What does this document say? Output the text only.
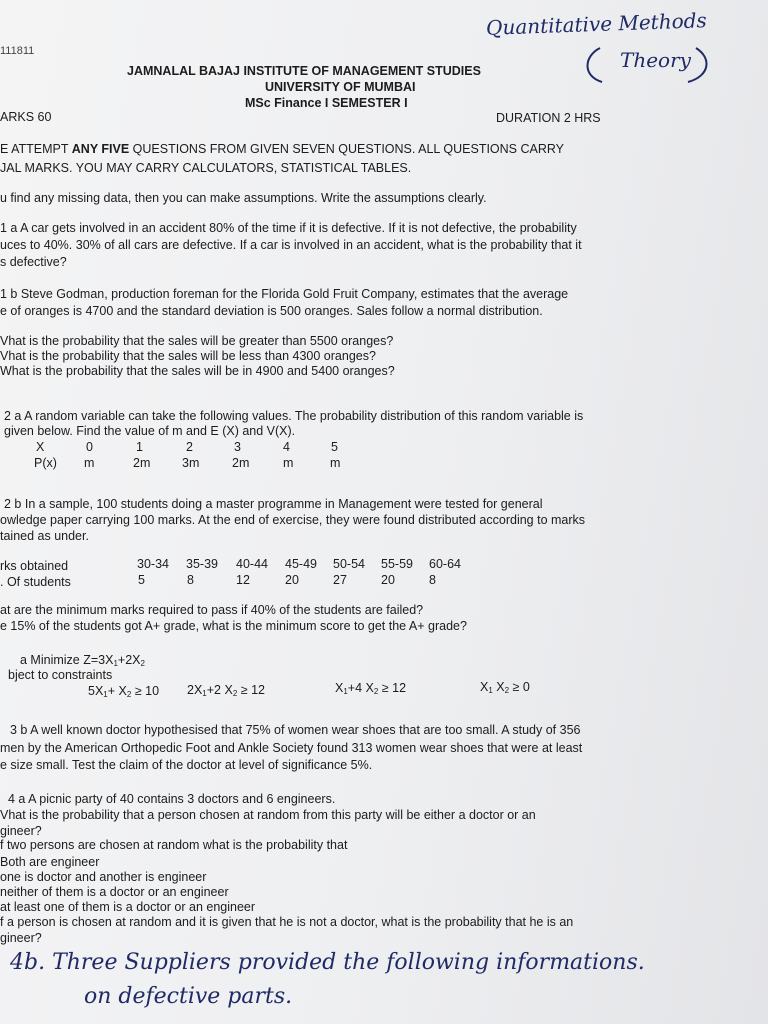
Quantitative Methods
Theory
111811
JAMNALAL BAJAJ INSTITUTE OF MANAGEMENT STUDIES
UNIVERSITY OF MUMBAI
MSc Finance I SEMESTER I
ARKS 60	DURATION 2 HRS
E ATTEMPT ANY FIVE QUESTIONS FROM GIVEN SEVEN QUESTIONS. ALL QUESTIONS CARRY
JAL MARKS. YOU MAY CARRY CALCULATORS, STATISTICAL TABLES.
u find any missing data, then you can make assumptions. Write the assumptions clearly.
1 a A car gets involved in an accident 80% of the time if it is defective. If it is not defective, the probability
uces to 40%. 30% of all cars are defective. If a car is involved in an accident, what is the probability that it
s defective?
1 b Steve Godman, production foreman for the Florida Gold Fruit Company, estimates that the average
e of oranges is 4700 and the standard deviation is 500 oranges. Sales follow a normal distribution.
Vhat is the probability that the sales will be greater than 5500 oranges?
Vhat is the probability that the sales will be less than 4300 oranges?
What is the probability that the sales will be in 4900 and 5400 oranges?
2 a A random variable can take the following values. The probability distribution of this random variable is
given below. Find the value of m and E (X) and V(X).
X	0	1	2	3	4	5
P(x) m	2m	3m	2m	m	m
2 b In a sample, 100 students doing a master programme in Management were tested for general
owledge paper carrying 100 marks. At the end of exercise, they were found distributed according to marks
tained as under.
rks obtained	30-34 35-39 40-44 45-49 50-54 55-59 60-64
. Of students	5	8	12	20	27	20	8
at are the minimum marks required to pass if 40% of the students are failed?
e 15% of the students got A+ grade, what is the minimum score to get the A+ grade?
a Minimize $Z=3X_1+2X_2$
bject to constraints
$5X_1+ X_2 \ge 10$ $2X_1+2$ $X_2 \ge 12$	$X_1+4$ $X_2 \ge 12$	$X_1$ $X_2 \ge 0$
3 b A well known doctor hypothesised that 75% of women wear shoes that are too small. A study of 356
men by the American Orthopedic Foot and Ankle Society found 313 women wear shoes that were at least
e size small. Test the claim of the doctor at level of significance 5%.
4 a A picnic party of 40 contains 3 doctors and 6 engineers.
Vhat is the probability that a person chosen at random from this party will be either a doctor or an
gineer?
f two persons are chosen at random what is the probability that
Both are engineer
one is doctor and another is engineer
neither of them is a doctor or an engineer
at least one of them is a doctor or an engineer
f a person is chosen at random and it is given that he is not a doctor, what is the probability that he is an
gineer?
4b. Three Suppliers provided the following informations.
on defective parts.
